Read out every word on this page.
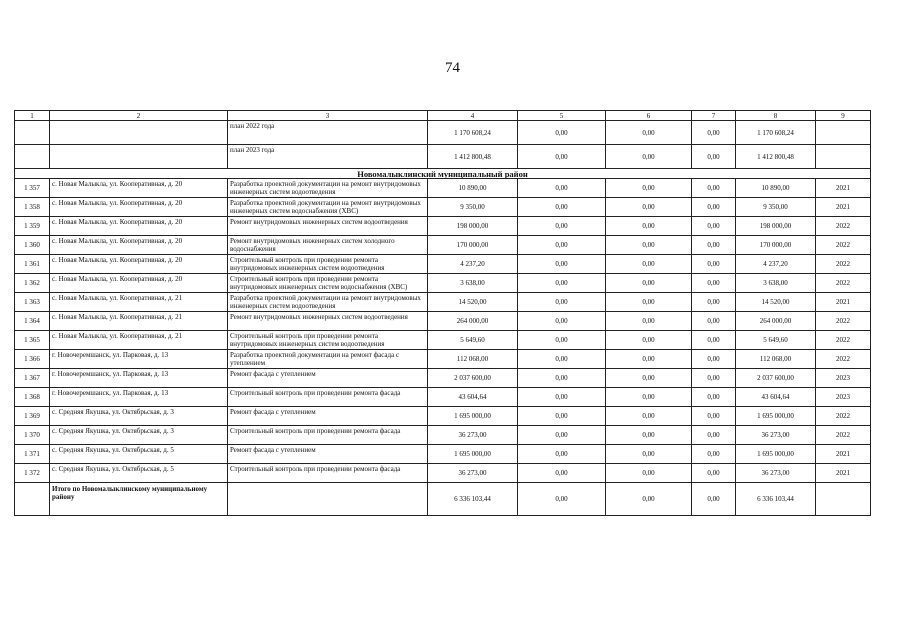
74
1	2	3	4	5	6	7	8	9
		план 2022 года	1 170 608,24	0,00	0,00	0,00	1 170 608,24	
		план 2023 года	1 412 800,48	0,00	0,00	0,00	1 412 800,48	
Новомалыклинский муниципальный район								
1 357	с. Новая Малыкла, ул. Кооперативная, д. 20	Разработка проектной документации на ремонт внутридомовых инженерных систем водоотведения	10 890,00	0,00	0,00	0,00	10 890,00	2021
1 358	с. Новая Малыкла, ул. Кооперативная, д. 20	Разработка проектной документации на ремонт внутридомовых инженерных систем водоснабжения (ХВС)	9 350,00	0,00	0,00	0,00	9 350,00	2021
1 359	с. Новая Малыкла, ул. Кооперативная, д. 20	Ремонт внутридомовых инженерных систем водоотведения	198 000,00	0,00	0,00	0,00	198 000,00	2022
1 360	с. Новая Малыкла, ул. Кооперативная, д. 20	Ремонт внутридомовых инженерных систем холодного водоснабжения	170 000,00	0,00	0,00	0,00	170 000,00	2022
1 361	с. Новая Малыкла, ул. Кооперативная, д. 20	Строительный контроль при проведении ремонта внутридомовых инженерных систем водоотведения	4 237,20	0,00	0,00	0,00	4 237,20	2022
1 362	с. Новая Малыкла, ул. Кооперативная, д. 20	Строительный контроль при проведении ремонта внутридомовых инженерных систем водоснабжения (ХВС)	3 638,00	0,00	0,00	0,00	3 638,00	2022
1 363	с. Новая Малыкла, ул. Кооперативная, д. 21	Разработка проектной документации на ремонт внутридомовых инженерных систем водоотведения	14 520,00	0,00	0,00	0,00	14 520,00	2021
1 364	с. Новая Малыкла, ул. Кооперативная, д. 21	Ремонт внутридомовых инженерных систем водоотведения	264 000,00	0,00	0,00	0,00	264 000,00	2022
1 365	с. Новая Малыкла, ул. Кооперативная, д. 21	Строительный контроль при проведении ремонта внутридомовых инженерных систем водоотведения	5 649,60	0,00	0,00	0,00	5 649,60	2022
1 366	г. Новочеремшанск, ул. Парковая, д. 13	Разработка проектной документации на ремонт фасада с утеплением	112 068,00	0,00	0,00	0,00	112 068,00	2022
1 367	г. Новочеремшанск, ул. Парковая, д. 13	Ремонт фасада с утеплением	2 037 600,00	0,00	0,00	0,00	2 037 600,00	2023
1 368	г. Новочеремшанск, ул. Парковая, д. 13	Строительный контроль при проведении ремонта фасада	43 604,64	0,00	0,00	0,00	43 604,64	2023
1 369	с. Средняя Якушка, ул. Октябрьская, д. 3	Ремонт фасада с утеплением	1 695 000,00	0,00	0,00	0,00	1 695 000,00	2022
1 370	с. Средняя Якушка, ул. Октябрьская, д. 3	Строительный контроль при проведении ремонта фасада	36 273,00	0,00	0,00	0,00	36 273,00	2022
1 371	с. Средняя Якушка, ул. Октябрьская, д. 5	Ремонт фасада с утеплением	1 695 000,00	0,00	0,00	0,00	1 695 000,00	2021
1 372	с. Средняя Якушка, ул. Октябрьская, д. 5	Строительный контроль при проведении ремонта фасада	36 273,00	0,00	0,00	0,00	36 273,00	2021
	Итого по Новомалыклинскому муниципальному району		6 336 103,44	0,00	0,00	0,00	6 336 103,44	
